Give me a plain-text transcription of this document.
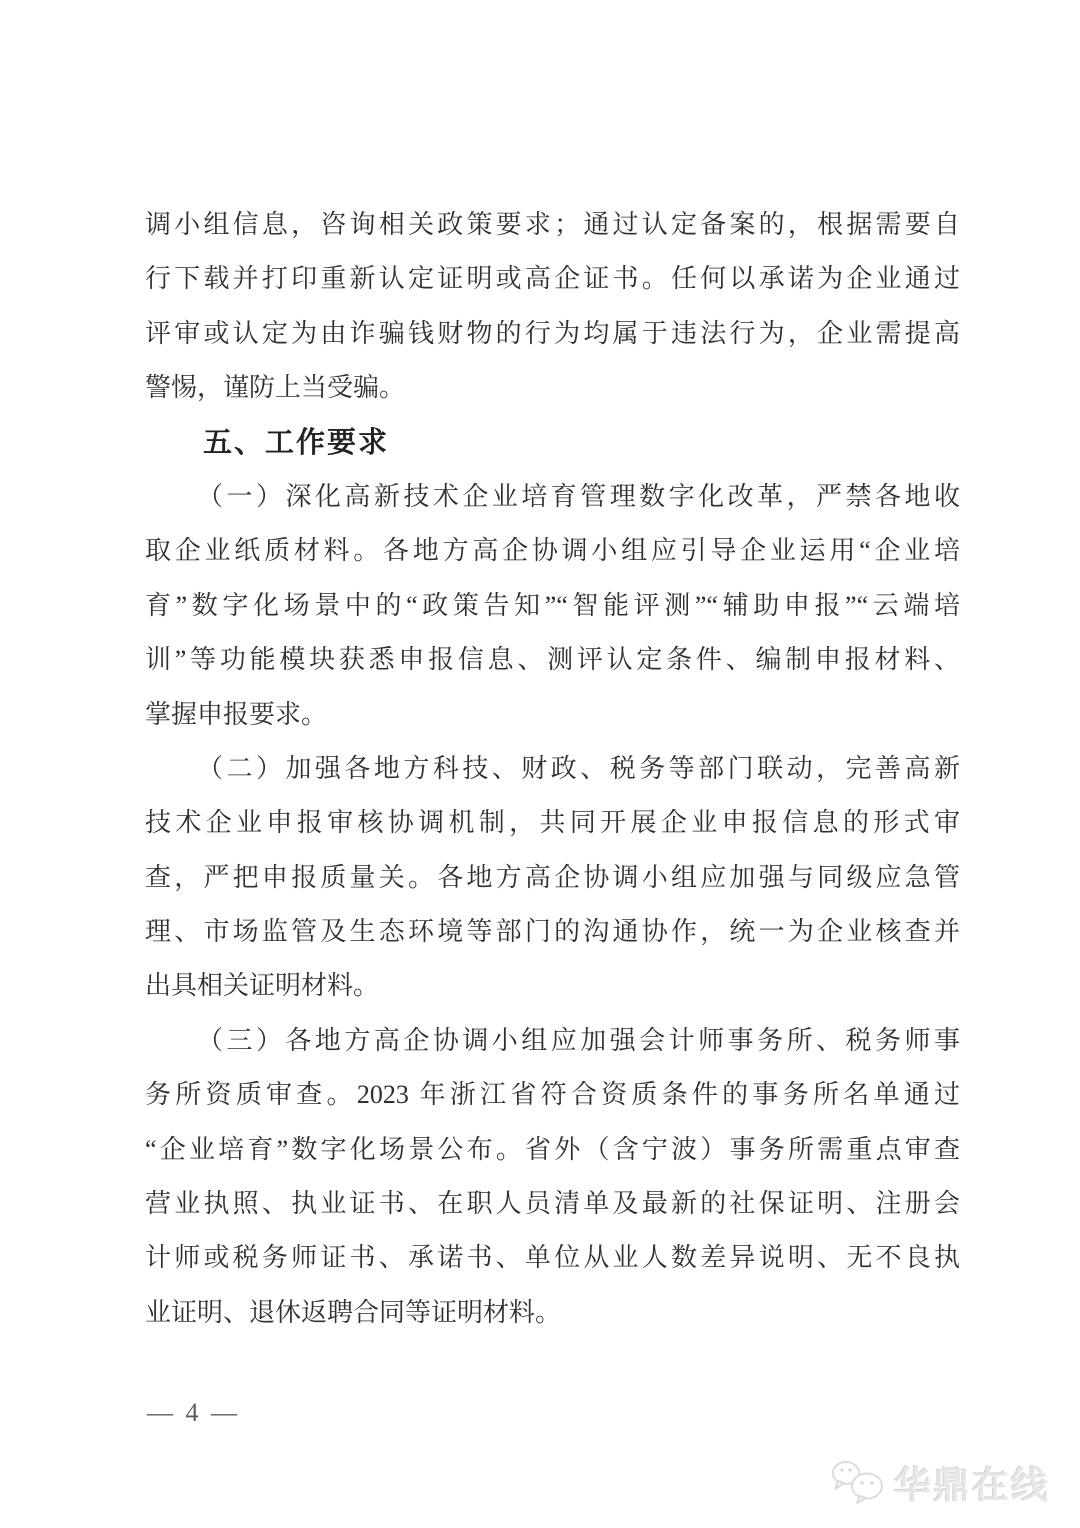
调小组信息，咨询相关政策要求；通过认定备案的，根据需要自
行下载并打印重新认定证明或高企证书。任何以承诺为企业通过
评审或认定为由诈骗钱财物的行为均属于违法行为，企业需提高
警惕，谨防上当受骗。
五、工作要求
（一）深化高新技术企业培育管理数字化改革，严禁各地收
取企业纸质材料。各地方高企协调小组应引导企业运用“企业培
育”数字化场景中的“政策告知”“智能评测”“辅助申报”“云端培
训”等功能模块获悉申报信息、测评认定条件、编制申报材料、
掌握申报要求。
（二）加强各地方科技、财政、税务等部门联动，完善高新
技术企业申报审核协调机制，共同开展企业申报信息的形式审
查，严把申报质量关。各地方高企协调小组应加强与同级应急管
理、市场监管及生态环境等部门的沟通协作，统一为企业核查并
出具相关证明材料。
（三）各地方高企协调小组应加强会计师事务所、税务师事
务所资质审查。2023 年浙江省符合资质条件的事务所名单通过
“企业培育”数字化场景公布。省外（含宁波）事务所需重点审查
营业执照、执业证书、在职人员清单及最新的社保证明、注册会
计师或税务师证书、承诺书、单位从业人数差异说明、无不良执
业证明、退休返聘合同等证明材料。
— 4 —
华鼎在线
